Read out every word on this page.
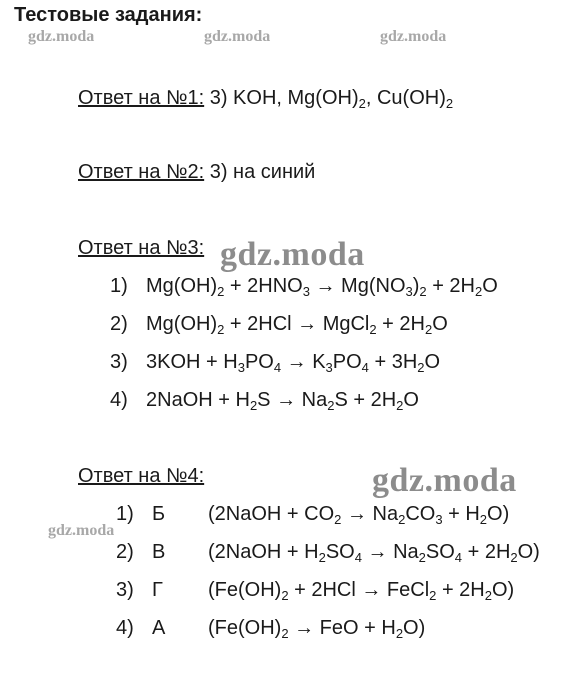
Тестовые задания:
gdz.moda	gdz.moda	gdz.moda
gdz.moda
gdz.moda
gdz.moda
Ответ на №1: 3) KOH, $Mg(OH)_2$, $Cu(OH)_2$
Ответ на №2: 3) на синий
Ответ на №3:
1) $Mg(OH)_2 + 2HNO_3 \to Mg(NO_3)_2 + 2H_2O$
2) $Mg(OH)_2 + 2HCl$ → MgCl$_2$ + $2H_2O$
3) $3KOH + H_3PO_4 \to K_3PO_4 + 3H_2O$
4) 2NaOH + $H_2S \to Na_2S + 2H_2O$
Ответ на №4:
1) Б (2NaOH + $CO_2 \to Na_2CO_3 + H_2O$)
2) В (2NaOH + $H_2SO_4 \to Na_2SO_4 + 2H_2O$)
3) Г ($Fe(OH)_2 + 2HCl$ → FeCl$_2$ + $2H_2O$)
4) А ($Fe(OH)_2$ → FeO + $H_2O$)
